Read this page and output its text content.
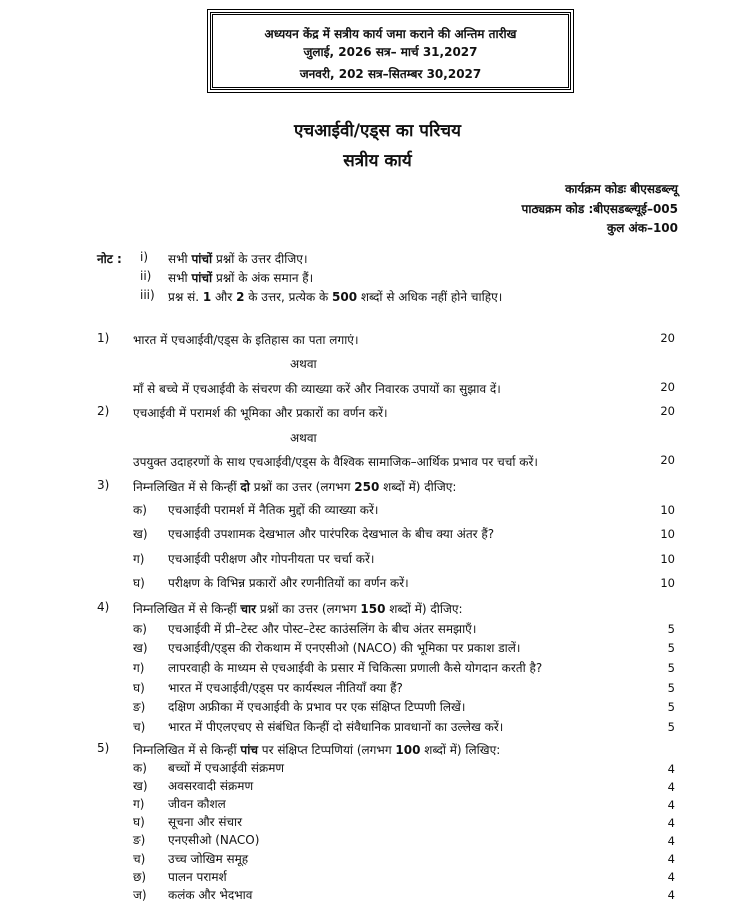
अध्ययन केंद्र में सत्रीय कार्य जमा कराने की अन्तिम तारीख
जुलाई, 2026 सत्र– मार्च 31,2027
जनवरी, 202 सत्र–सितम्बर 30,2027
एचआईवी/एड्स का परिचय
सत्रीय कार्य
कार्यक्रम कोडः बीएसडब्ल्यू
पाठ्यक्रम कोड :बीएसडब्ल्यूई–005
कुल अंक–100
नोट : i) सभी पांचों प्रश्नों के उत्तर दीजिए।
ii) सभी पांचों प्रश्नों के अंक समान हैं।
iii) प्रश्न सं. 1 और 2 के उत्तर, प्रत्येक के 500 शब्दों से अधिक नहीं होने चाहिए।
1) भारत में एचआईवी/एड्स के इतिहास का पता लगाएं।	20
अथवा
माँ से बच्चे में एचआईवी के संचरण की व्याख्या करें और निवारक उपायों का सुझाव दें।	20
2) एचआईवी में परामर्श की भूमिका और प्रकारों का वर्णन करें।	20
अथवा
उपयुक्त उदाहरणों के साथ एचआईवी/एड्स के वैश्विक सामाजिक–आर्थिक प्रभाव पर चर्चा करें।	20
3) निम्नलिखित में से किन्हीं दो प्रश्नों का उत्तर (लगभग 250 शब्दों में) दीजिए:
क) एचआईवी परामर्श में नैतिक मुद्दों की व्याख्या करें।	10
ख) एचआईवी उपशामक देखभाल और पारंपरिक देखभाल के बीच क्या अंतर हैं?	10
ग) एचआईवी परीक्षण और गोपनीयता पर चर्चा करें।	10
घ) परीक्षण के विभिन्न प्रकारों और रणनीतियों का वर्णन करें।	10
4) निम्नलिखित में से किन्हीं चार प्रश्नों का उत्तर (लगभग 150 शब्दों में) दीजिए:
क) एचआईवी में प्री–टेस्ट और पोस्ट–टेस्ट काउंसलिंग के बीच अंतर समझाएँ।	5
ख) एचआईवी/एड्स की रोकथाम में एनएसीओ (NACO) की भूमिका पर प्रकाश डालें।	5
ग) लापरवाही के माध्यम से एचआईवी के प्रसार में चिकित्सा प्रणाली कैसे योगदान करती है?	5
घ) भारत में एचआईवी/एड्स पर कार्यस्थल नीतियाँ क्या हैं?	5
ङ) दक्षिण अफ्रीका में एचआईवी के प्रभाव पर एक संक्षिप्त टिप्पणी लिखें।	5
च) भारत में पीएलएचए से संबंधित किन्हीं दो संवैधानिक प्रावधानों का उल्लेख करें।	5
5) निम्नलिखित में से किन्हीं पांच पर संक्षिप्त टिप्पणियां (लगभग 100 शब्दों में) लिखिए:
क) बच्चों में एचआईवी संक्रमण	4
ख) अवसरवादी संक्रमण	4
ग) जीवन कौशल	4
घ) सूचना और संचार	4
ङ) एनएसीओ (NACO)	4
च) उच्च जोखिम समूह	4
छ) पालन परामर्श	4
ज) कलंक और भेदभाव	4
